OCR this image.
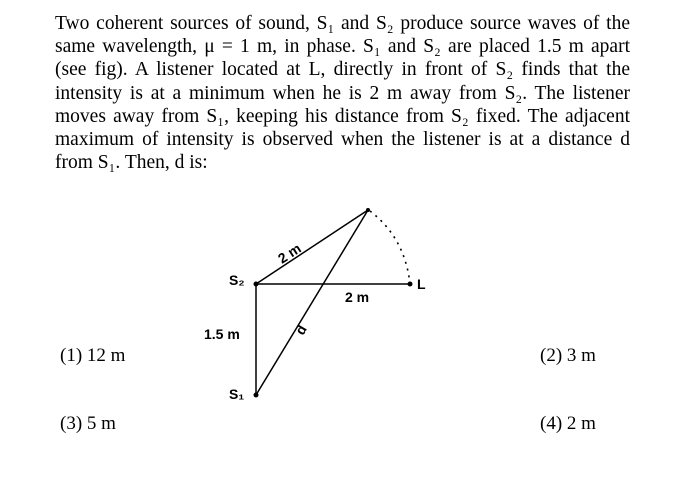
Two coherent sources of sound, S₁ and S₂ produce source waves of the same wavelength, μ = 1 m, in phase. S₁ and S₂ are placed 1.5 m apart (see fig). A listener located at L, directly in front of S₂ finds that the intensity is at a minimum when he is 2 m away from S₂. The listener moves away from S₁, keeping his distance from S₂ fixed. The adjacent maximum of intensity is observed when the listener is at a distance d from S₁. Then, d is:

S₂
S₁
L
2 m
2 m
1.5 m	d

(1) 12 m	(2) 3 m

(3) 5 m	(4) 2 m
